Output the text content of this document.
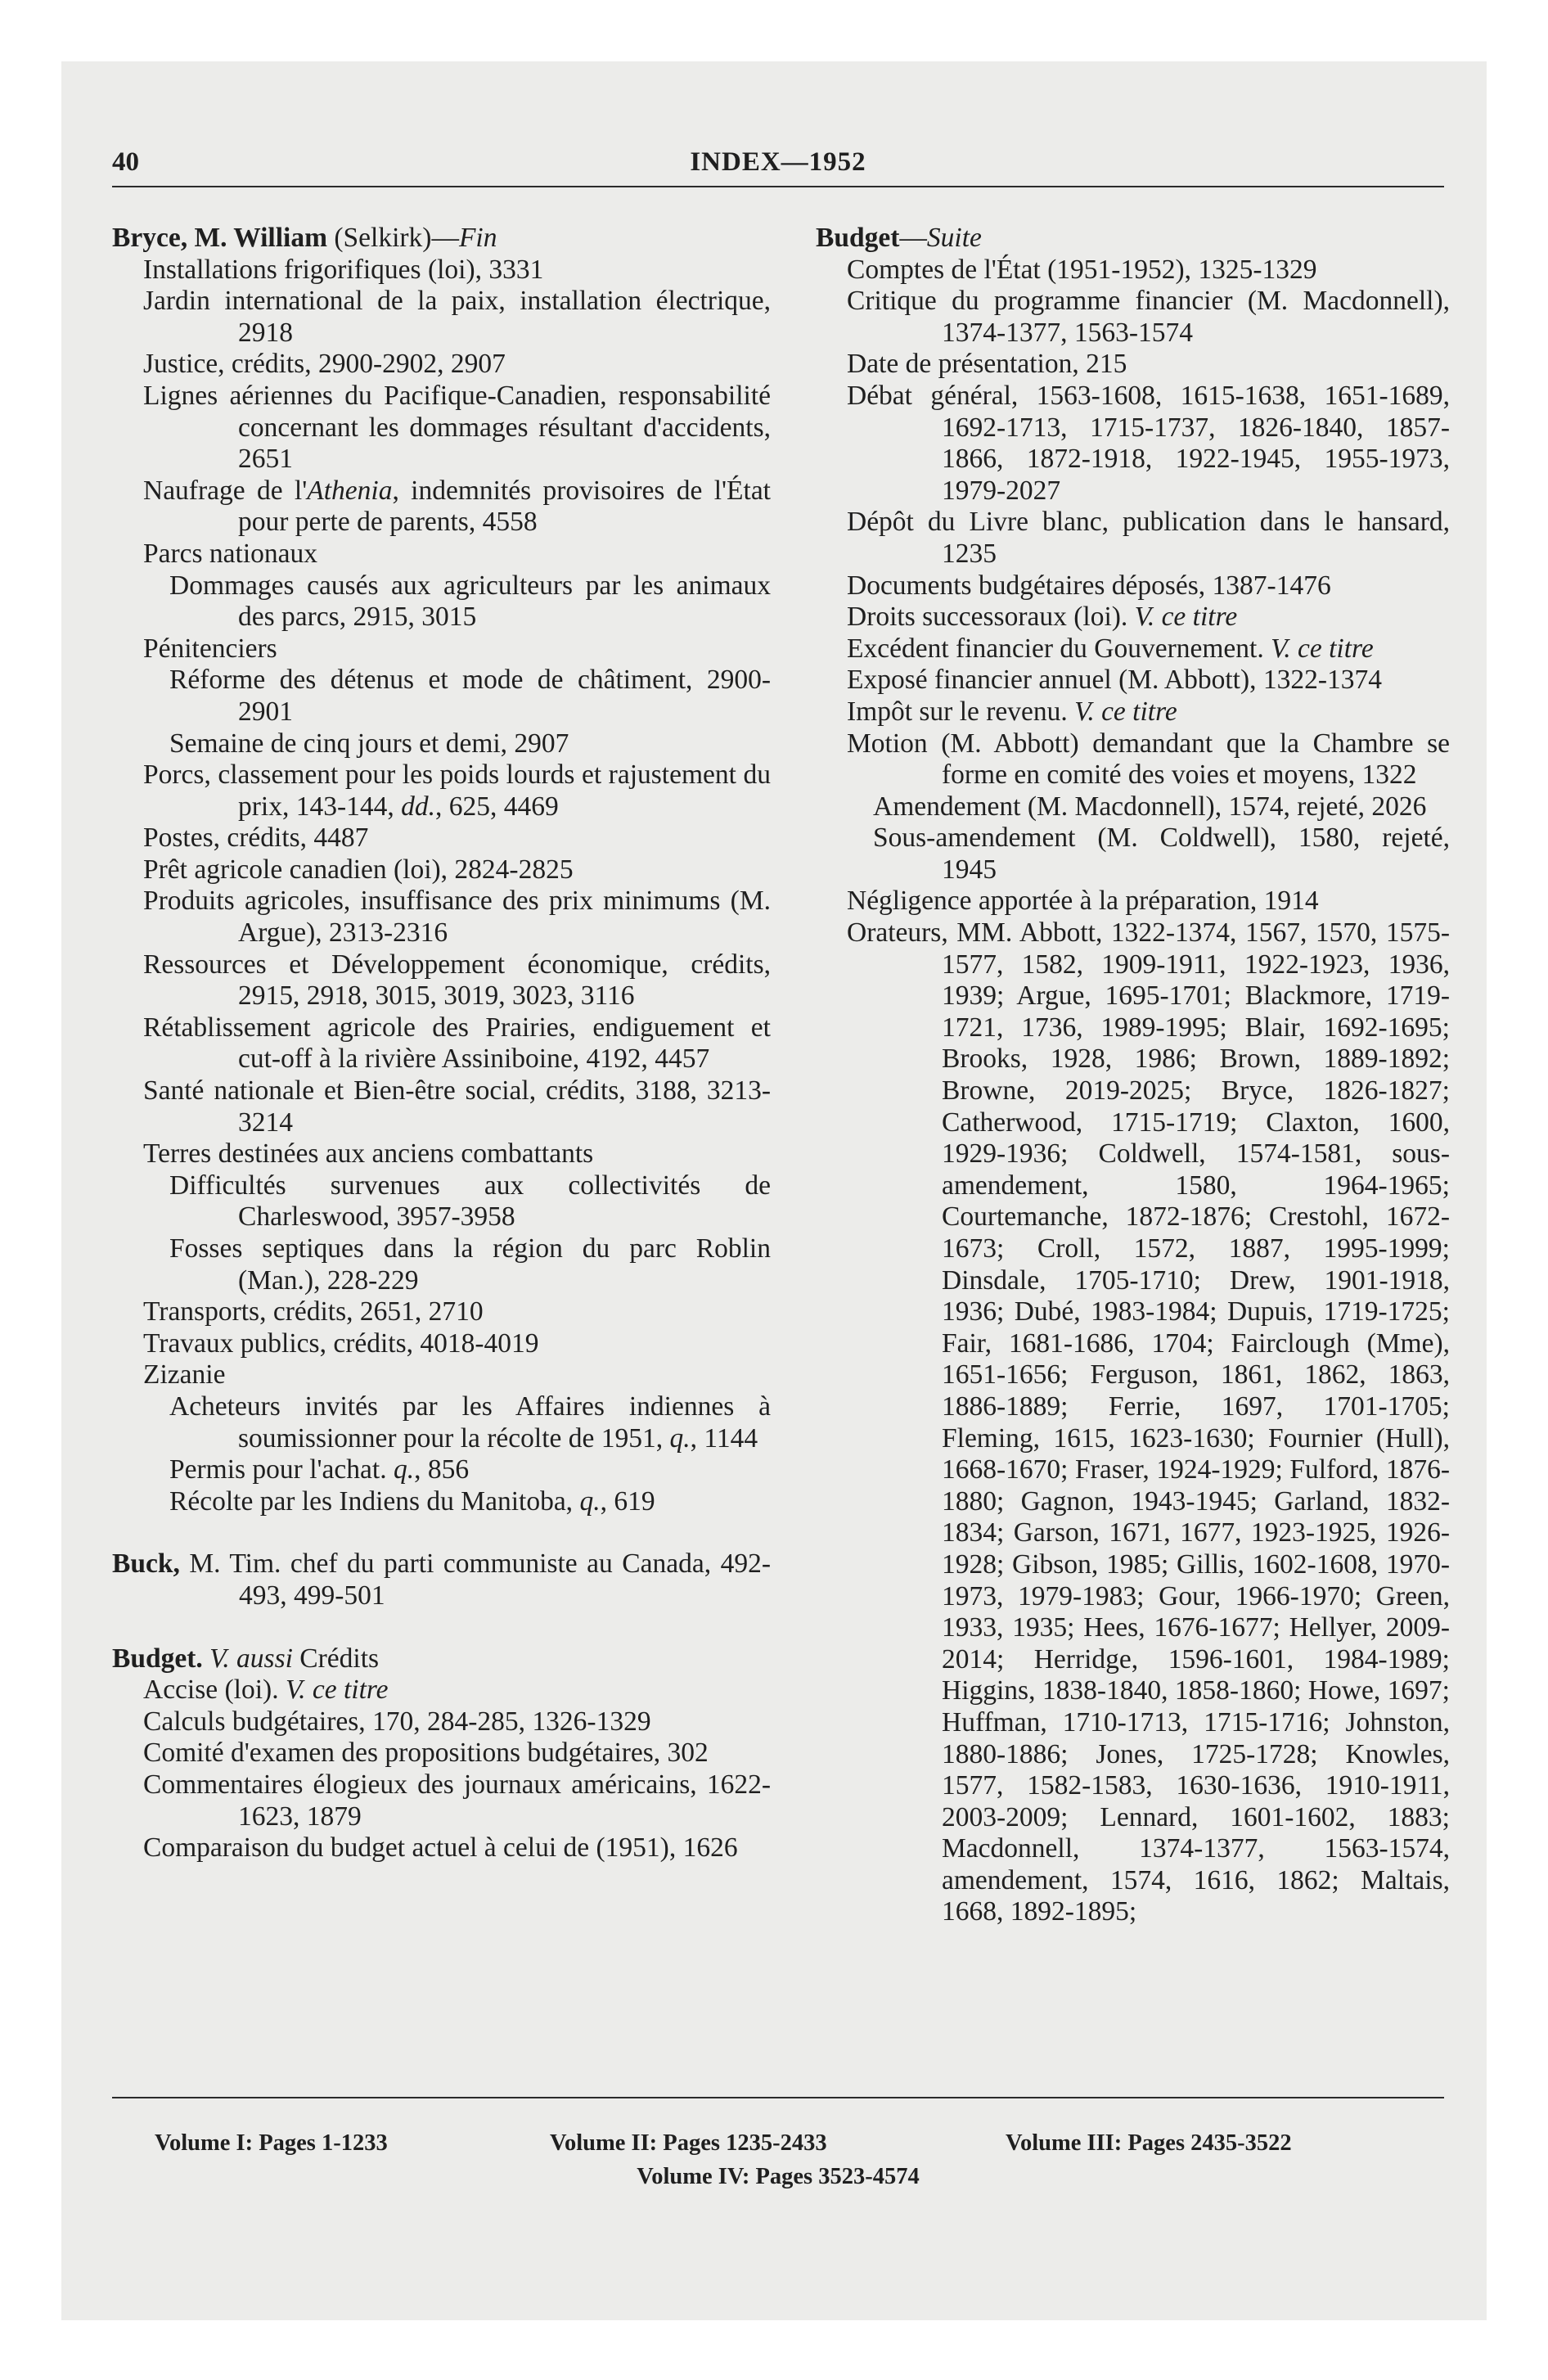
40	INDEX—1952
Bryce, M. William (Selkirk)—Fin
Installations frigorifiques (loi), 3331
Jardin international de la paix, installation électrique, 2918
Justice, crédits, 2900-2902, 2907
Lignes aériennes du Pacifique-Canadien, responsabilité concernant les dommages résultant d'accidents, 2651
Naufrage de l'Athenia, indemnités provisoires de l'État pour perte de parents, 4558
Parcs nationaux
Dommages causés aux agriculteurs par les animaux des parcs, 2915, 3015
Pénitenciers
Réforme des détenus et mode de châtiment, 2900-2901
Semaine de cinq jours et demi, 2907
Porcs, classement pour les poids lourds et rajustement du prix, 143-144, dd., 625, 4469
Postes, crédits, 4487
Prêt agricole canadien (loi), 2824-2825
Produits agricoles, insuffisance des prix minimums (M. Argue), 2313-2316
Ressources et Développement économique, crédits, 2915, 2918, 3015, 3019, 3023, 3116
Rétablissement agricole des Prairies, endiguement et cut-off à la rivière Assiniboine, 4192, 4457
Santé nationale et Bien-être social, crédits, 3188, 3213-3214
Terres destinées aux anciens combattants
Difficultés survenues aux collectivités de Charleswood, 3957-3958
Fosses septiques dans la région du parc Roblin (Man.), 228-229
Transports, crédits, 2651, 2710
Travaux publics, crédits, 4018-4019
Zizanie
Acheteurs invités par les Affaires indiennes à soumissionner pour la récolte de 1951, q., 1144
Permis pour l'achat. q., 856
Récolte par les Indiens du Manitoba, q., 619
Buck, M. Tim. chef du parti communiste au Canada, 492-493, 499-501
Budget. V. aussi Crédits
Accise (loi). V. ce titre
Calculs budgétaires, 170, 284-285, 1326-1329
Comité d'examen des propositions budgétaires, 302
Commentaires élogieux des journaux américains, 1622-1623, 1879
Comparaison du budget actuel à celui de (1951), 1626
Budget—Suite
Comptes de l'État (1951-1952), 1325-1329
Critique du programme financier (M. Macdonnell), 1374-1377, 1563-1574
Date de présentation, 215
Débat général, 1563-1608, 1615-1638, 1651-1689, 1692-1713, 1715-1737, 1826-1840, 1857-1866, 1872-1918, 1922-1945, 1955-1973, 1979-2027
Dépôt du Livre blanc, publication dans le hansard, 1235
Documents budgétaires déposés, 1387-1476
Droits successoraux (loi). V. ce titre
Excédent financier du Gouvernement. V. ce titre
Exposé financier annuel (M. Abbott), 1322-1374
Impôt sur le revenu. V. ce titre
Motion (M. Abbott) demandant que la Chambre se forme en comité des voies et moyens, 1322
Amendement (M. Macdonnell), 1574, rejeté, 2026
Sous-amendement (M. Coldwell), 1580, rejeté, 1945
Négligence apportée à la préparation, 1914
Orateurs, MM. Abbott, 1322-1374, 1567, 1570, 1575-1577, 1582, 1909-1911, 1922-1923, 1936, 1939; Argue, 1695-1701; Blackmore, 1719-1721, 1736, 1989-1995; Blair, 1692-1695; Brooks, 1928, 1986; Brown, 1889-1892; Browne, 2019-2025; Bryce, 1826-1827; Catherwood, 1715-1719; Claxton, 1600, 1929-1936; Coldwell, 1574-1581, sous-amendement, 1580, 1964-1965; Courtemanche, 1872-1876; Crestohl, 1672-1673; Croll, 1572, 1887, 1995-1999; Dinsdale, 1705-1710; Drew, 1901-1918, 1936; Dubé, 1983-1984; Dupuis, 1719-1725; Fair, 1681-1686, 1704; Fairclough (Mme), 1651-1656; Ferguson, 1861, 1862, 1863, 1886-1889; Ferrie, 1697, 1701-1705; Fleming, 1615, 1623-1630; Fournier (Hull), 1668-1670; Fraser, 1924-1929; Fulford, 1876-1880; Gagnon, 1943-1945; Garland, 1832-1834; Garson, 1671, 1677, 1923-1925, 1926-1928; Gibson, 1985; Gillis, 1602-1608, 1970-1973, 1979-1983; Gour, 1966-1970; Green, 1933, 1935; Hees, 1676-1677; Hellyer, 2009-2014; Herridge, 1596-1601, 1984-1989; Higgins, 1838-1840, 1858-1860; Howe, 1697; Huffman, 1710-1713, 1715-1716; Johnston, 1880-1886; Jones, 1725-1728; Knowles, 1577, 1582-1583, 1630-1636, 1910-1911, 2003-2009; Lennard, 1601-1602, 1883; Macdonnell, 1374-1377, 1563-1574, amendement, 1574, 1616, 1862; Maltais, 1668, 1892-1895;
Volume I: Pages 1-1233	Volume II: Pages 1235-2433	Volume III: Pages 2435-3522
Volume IV: Pages 3523-4574
